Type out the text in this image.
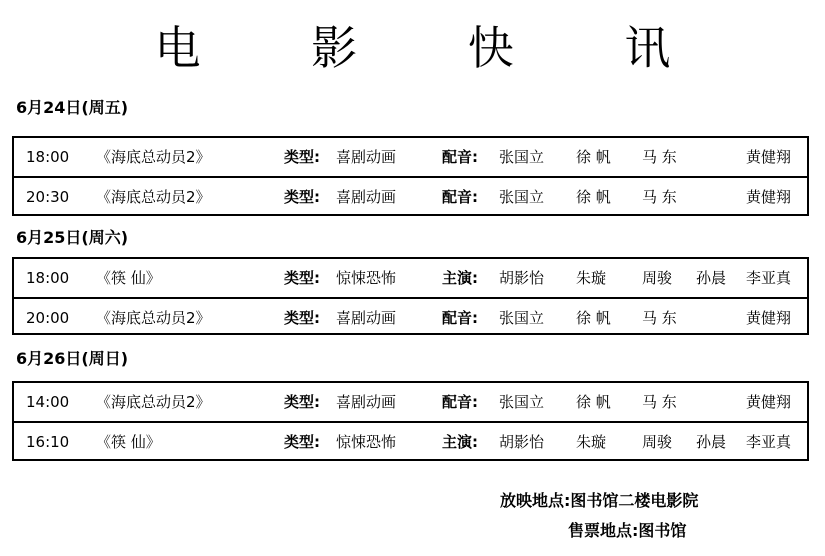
电 影 快 讯
6月24日(周五)
18:00 《海底总动员2》	类型: 喜剧动画	配音: 张国立 徐 帆 马 东	黄健翔
20:30 《海底总动员2》	类型: 喜剧动画	配音: 张国立 徐 帆 马 东	黄健翔
6月25日(周六)
18:00 《筷 仙》	类型: 惊悚恐怖	主演: 胡影怡 朱璇 周骏 孙晨 李亚真
20:00 《海底总动员2》	类型: 喜剧动画	配音: 张国立 徐 帆 马 东	黄健翔
6月26日(周日)
14:00 《海底总动员2》	类型: 喜剧动画	配音: 张国立 徐 帆 马 东	黄健翔
16:10 《筷 仙》	类型: 惊悚恐怖	主演: 胡影怡 朱璇 周骏 孙晨 李亚真
放映地点:图书馆二楼电影院
售票地点:图书馆
